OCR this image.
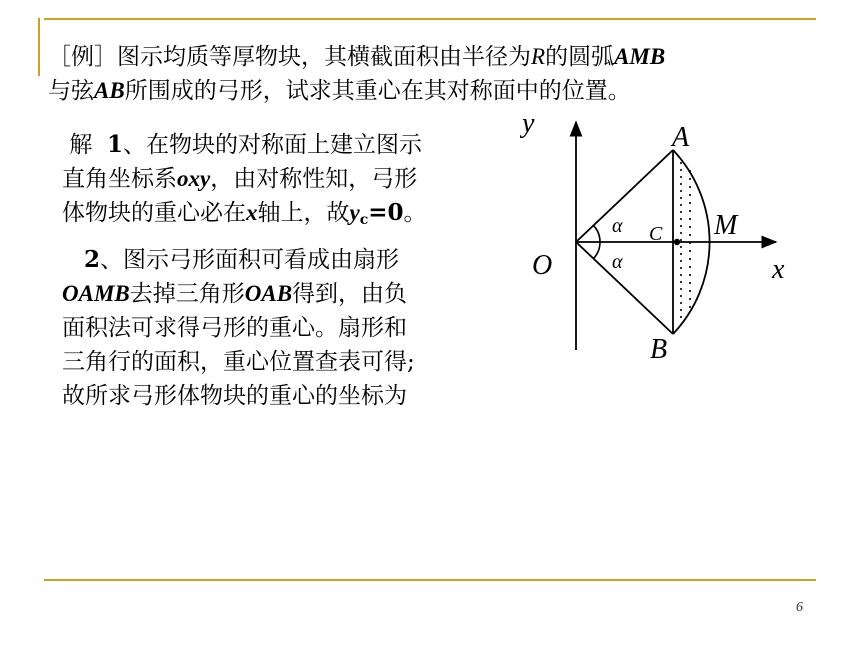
［例］图示均质等厚物块，其横截面积由半径为R的圆弧AMB
与弦AB所围成的弓形，试求其重心在其对称面中的位置。
解 1、在物块的对称面上建立图示
直角坐标系oxy，由对称性知，弓形
体物块的重心必在x轴上，故$y_c=0$。
2、图示弓形面积可看成由扇形
OAMB去掉三角形OAB得到，由负
面积法可求得弓形的重心。扇形和
三角行的面积，重心位置查表可得;
故所求弓形体物块的重心的坐标为
y
x
O
A
B
M
C
α
α
6
